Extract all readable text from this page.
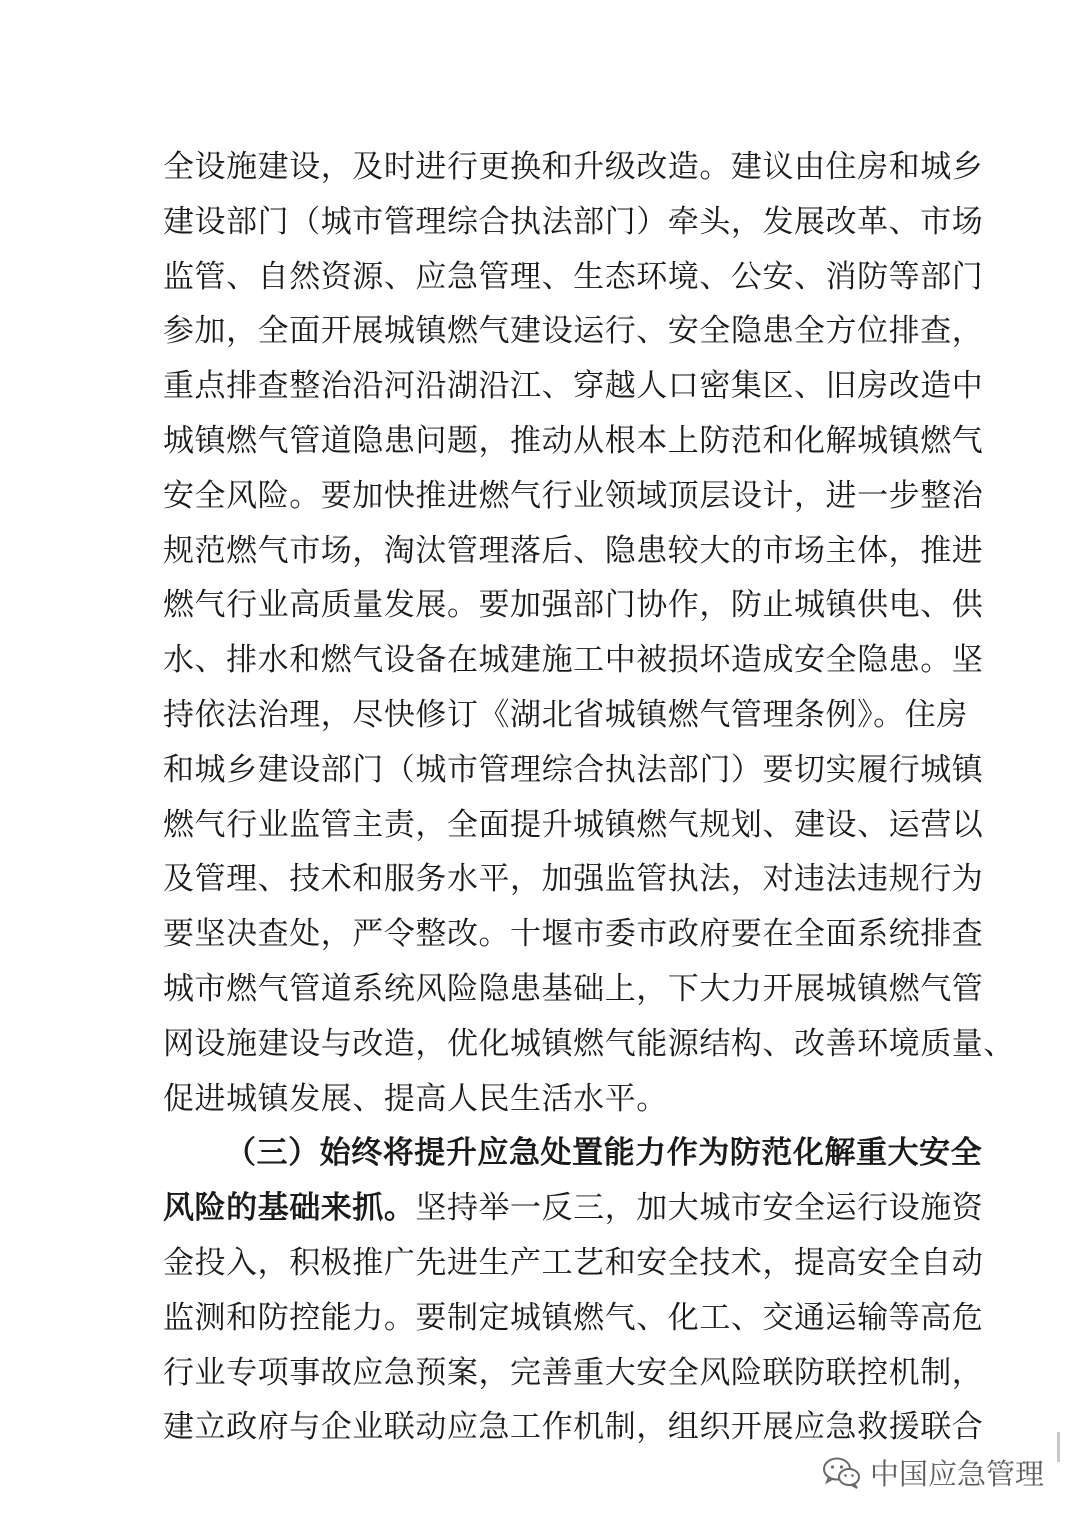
全设施建设，及时进行更换和升级改造。建议由住房和城乡
建设部门（城市管理综合执法部门）牵头，发展改革、市场
监管、自然资源、应急管理、生态环境、公安、消防等部门
参加，全面开展城镇燃气建设运行、安全隐患全方位排查，
重点排查整治沿河沿湖沿江、穿越人口密集区、旧房改造中
城镇燃气管道隐患问题，推动从根本上防范和化解城镇燃气
安全风险。要加快推进燃气行业领域顶层设计，进一步整治
规范燃气市场，淘汰管理落后、隐患较大的市场主体，推进
燃气行业高质量发展。要加强部门协作，防止城镇供电、供
水、排水和燃气设备在城建施工中被损坏造成安全隐患。坚
持依法治理，尽快修订《湖北省城镇燃气管理条例》。住房
和城乡建设部门（城市管理综合执法部门）要切实履行城镇
燃气行业监管主责，全面提升城镇燃气规划、建设、运营以
及管理、技术和服务水平，加强监管执法，对违法违规行为
要坚决查处，严令整改。十堰市委市政府要在全面系统排查
城市燃气管道系统风险隐患基础上，下大力开展城镇燃气管
网设施建设与改造，优化城镇燃气能源结构、改善环境质量、
促进城镇发展、提高人民生活水平。
（三）始终将提升应急处置能力作为防范化解重大安全
风险的基础来抓。坚持举一反三，加大城市安全运行设施资
金投入，积极推广先进生产工艺和安全技术，提高安全自动
监测和防控能力。要制定城镇燃气、化工、交通运输等高危
行业专项事故应急预案，完善重大安全风险联防联控机制，
建立政府与企业联动应急工作机制，组织开展应急救援联合
中国应急管理
